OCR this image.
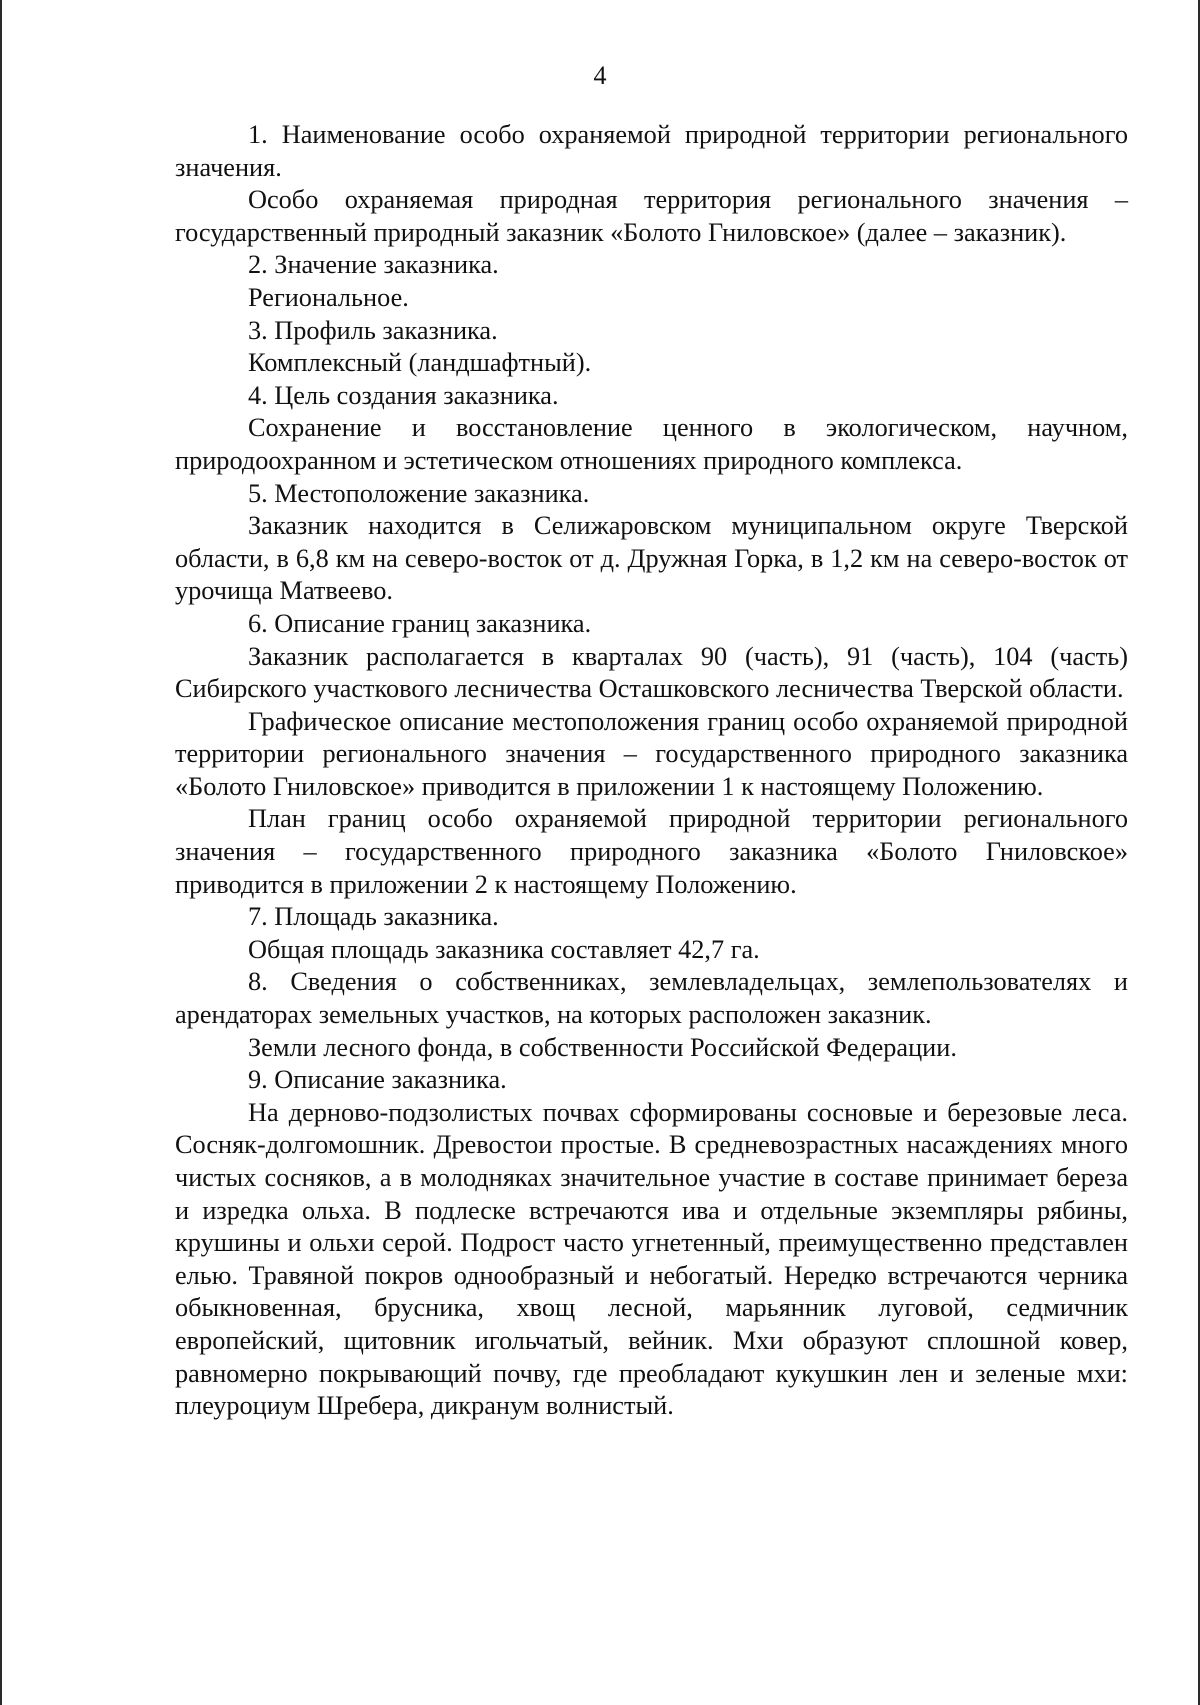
4

1. Наименование особо охраняемой природной территории регионального значения.

Особо охраняемая природная территория регионального значения – государственный природный заказник «Болото Гниловское» (далее – заказник).

2. Значение заказника.

Региональное.

3. Профиль заказника.

Комплексный (ландшафтный).

4. Цель создания заказника.

Сохранение и восстановление ценного в экологическом, научном, природоохранном и эстетическом отношениях природного комплекса.

5. Местоположение заказника.

Заказник находится в Селижаровском муниципальном округе Тверской области, в 6,8 км на северо-восток от д. Дружная Горка, в 1,2 км на северо-восток от урочища Матвеево.

6. Описание границ заказника.

Заказник располагается в кварталах 90 (часть), 91 (часть), 104 (часть) Сибирского участкового лесничества Осташковского лесничества Тверской области.

Графическое описание местоположения границ особо охраняемой природной территории регионального значения – государственного природного заказника «Болото Гниловское» приводится в приложении 1 к настоящему Положению.

План границ особо охраняемой природной территории регионального значения – государственного природного заказника «Болото Гниловское» приводится в приложении 2 к настоящему Положению.

7. Площадь заказника.

Общая площадь заказника составляет 42,7 га.

8. Сведения о собственниках, землевладельцах, землепользователях и арендаторах земельных участков, на которых расположен заказник.

Земли лесного фонда, в собственности Российской Федерации.

9. Описание заказника.

На дерново-подзолистых почвах сформированы сосновые и березовые леса. Сосняк-долгомошник. Древостои простые. В средневозрастных насаждениях много чистых сосняков, а в молодняках значительное участие в составе принимает береза и изредка ольха. В подлеске встречаются ива и отдельные экземпляры рябины, крушины и ольхи серой. Подрост часто угнетенный, преимущественно представлен елью. Травяной покров однообразный и небогатый. Нередко встречаются черника обыкновенная, брусника, хвощ лесной, марьянник луговой, седмичник европейский, щитовник игольчатый, вейник. Мхи образуют сплошной ковер, равномерно покрывающий почву, где преобладают кукушкин лен и зеленые мхи: плеуроциум Шребера, дикранум волнистый.
